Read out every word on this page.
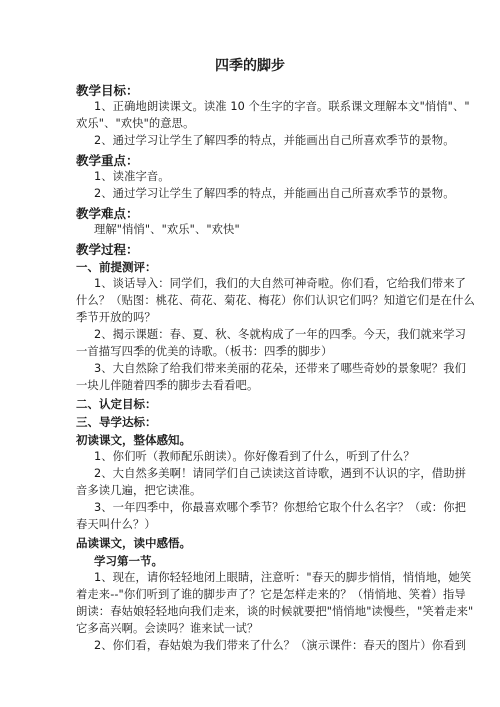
四季的脚步
教学目标：
1、正确地朗读课文。读准 10 个生字的字音。联系课文理解本文"悄悄"、"
欢乐"、"欢快"的意思。
2、通过学习让学生了解四季的特点，并能画出自己所喜欢季节的景物。
教学重点：
1、读准字音。
2、通过学习让学生了解四季的特点，并能画出自己所喜欢季节的景物。
教学难点：
理解"悄悄"、"欢乐"、"欢快"
教学过程：
一、前提测评：
1、谈话导入：同学们，我们的大自然可神奇啦。你们看，它给我们带来了
什么？（贴图：桃花、荷花、菊花、梅花）你们认识它们吗？知道它们是在什么
季节开放的吗？
2、揭示课题：春、夏、秋、冬就构成了一年的四季。今天，我们就来学习
一首描写四季的优美的诗歌。（板书：四季的脚步）
3、大自然除了给我们带来美丽的花朵，还带来了哪些奇妙的景象呢？我们
一块儿伴随着四季的脚步去看看吧。
二、认定目标：
三、导学达标：
初读课文，整体感知。
1、你们听（教师配乐朗读）。你好像看到了什么，听到了什么？
2、大自然多美啊！请同学们自己读读这首诗歌，遇到不认识的字，借助拼
音多读几遍，把它读准。
3、一年四季中，你最喜欢哪个季节？你想给它取个什么名字？（或：你把
春天叫什么？）
品读课文，读中感悟。
学习第一节。
1、现在，请你轻轻地闭上眼睛，注意听："春天的脚步悄悄，悄悄地，她笑
着走来--"你们听到了谁的脚步声了？它是怎样走来的？（悄悄地、笑着）指导
朗读：春姑娘轻轻地向我们走来，谈的时候就要把"悄悄地"读慢些，"笑着走来"
它多高兴啊。会读吗？谁来试一试？
2、你们看，春姑娘为我们带来了什么？（演示课件：春天的图片）你看到
